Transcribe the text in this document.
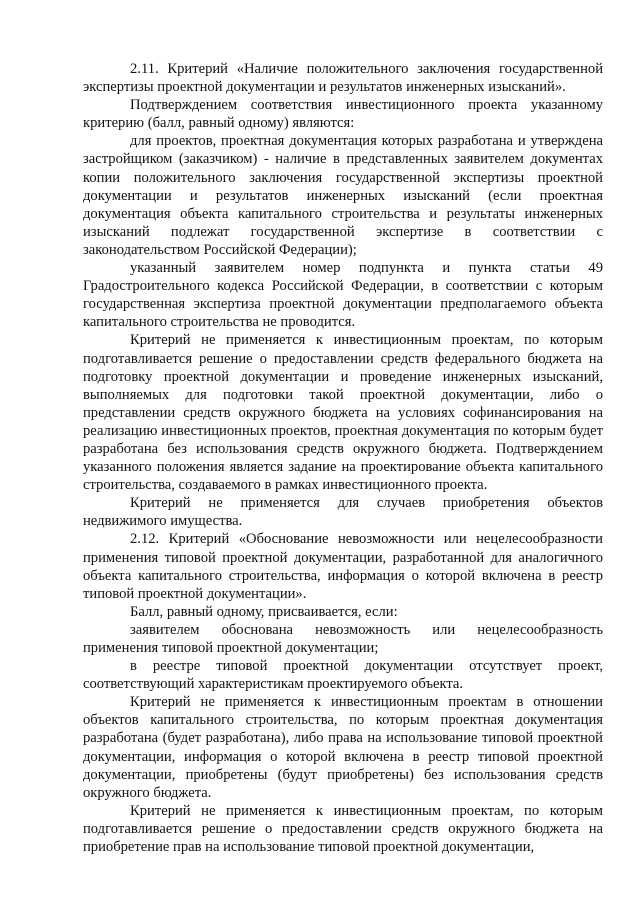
2.11. Критерий «Наличие положительного заключения государственной экспертизы проектной документации и результатов инженерных изысканий».

Подтверждением соответствия инвестиционного проекта указанному критерию (балл, равный одному) являются:

для проектов, проектная документация которых разработана и утверждена застройщиком (заказчиком) - наличие в представленных заявителем документах копии положительного заключения государственной экспертизы проектной документации и результатов инженерных изысканий (если проектная документация объекта капитального строительства и результаты инженерных изысканий подлежат государственной экспертизе в соответствии с законодательством Российской Федерации);

указанный заявителем номер подпункта и пункта статьи 49 Градостроительного кодекса Российской Федерации, в соответствии с которым государственная экспертиза проектной документации предполагаемого объекта капитального строительства не проводится.

Критерий не применяется к инвестиционным проектам, по которым подготавливается решение о предоставлении средств федерального бюджета на подготовку проектной документации и проведение инженерных изысканий, выполняемых для подготовки такой проектной документации, либо о представлении средств окружного бюджета на условиях софинансирования на реализацию инвестиционных проектов, проектная документация по которым будет разработана без использования средств окружного бюджета. Подтверждением указанного положения является задание на проектирование объекта капитального строительства, создаваемого в рамках инвестиционного проекта.

Критерий не применяется для случаев приобретения объектов недвижимого имущества.

2.12. Критерий «Обоснование невозможности или нецелесообразности применения типовой проектной документации, разработанной для аналогичного объекта капитального строительства, информация о которой включена в реестр типовой проектной документации».

Балл, равный одному, присваивается, если:

заявителем обоснована невозможность или нецелесообразность применения типовой проектной документации;

в реестре типовой проектной документации отсутствует проект, соответствующий характеристикам проектируемого объекта.

Критерий не применяется к инвестиционным проектам в отношении объектов капитального строительства, по которым проектная документация разработана (будет разработана), либо права на использование типовой проектной документации, информация о которой включена в реестр типовой проектной документации, приобретены (будут приобретены) без использования средств окружного бюджета.

Критерий не применяется к инвестиционным проектам, по которым подготавливается решение о предоставлении средств окружного бюджета на приобретение прав на использование типовой проектной документации,
